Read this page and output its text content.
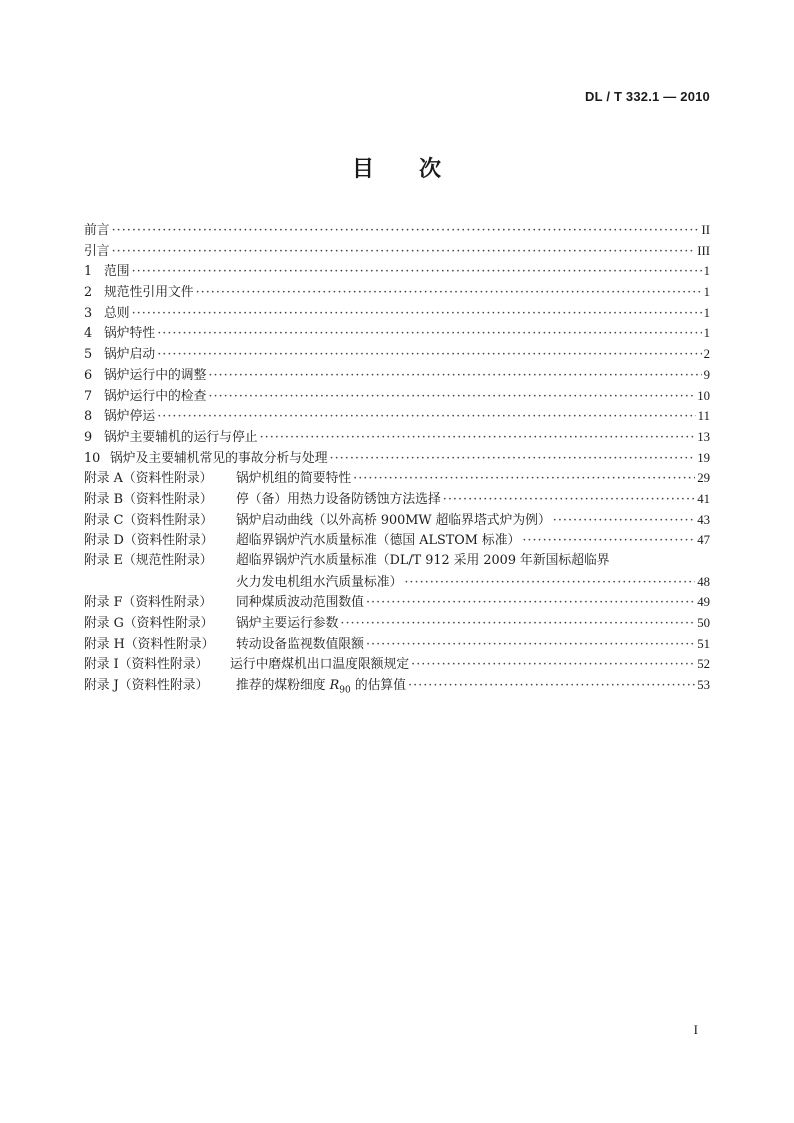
DL / T 332.1 — 2010
目 次
前言 ·····	II
引言 ·····	III
1 范围 ·····	1
2 规范性引用文件 ·····	1
3 总则 ·····	1
4 锅炉特性 ·····	1
5 锅炉启动 ·····	2
6 锅炉运行中的调整 ·····	9
7 锅炉运行中的检查 ·····	10
8 锅炉停运 ·····	11
9 锅炉主要辅机的运行与停止 ·····	13
10 锅炉及主要辅机常见的事故分析与处理 ·····	19
附录 A（资料性附录） 锅炉机组的简要特性 ·····	29
附录 B（资料性附录） 停（备）用热力设备防锈蚀方法选择 ·····	41
附录 C（资料性附录） 锅炉启动曲线（以外高桥 900MW 超临界塔式炉为例） ·····	43
附录 D（资料性附录） 超临界锅炉汽水质量标准（德国 ALSTOM 标准） ·····	47
附录 E（规范性附录） 超临界锅炉汽水质量标准（DL/T 912 采用 2009 年新国标超临界
火力发电机组水汽质量标准） ·····	48
附录 F（资料性附录） 同种煤质波动范围数值 ·····	49
附录 G（资料性附录） 锅炉主要运行参数 ·····	50
附录 H（资料性附录） 转动设备监视数值限额 ·····	51
附录 I（资料性附录） 运行中磨煤机出口温度限额规定 ·····	52
附录 J（资料性附录） 推荐的煤粉细度 $R_{90}$ 的估算值 ·····	53
I
